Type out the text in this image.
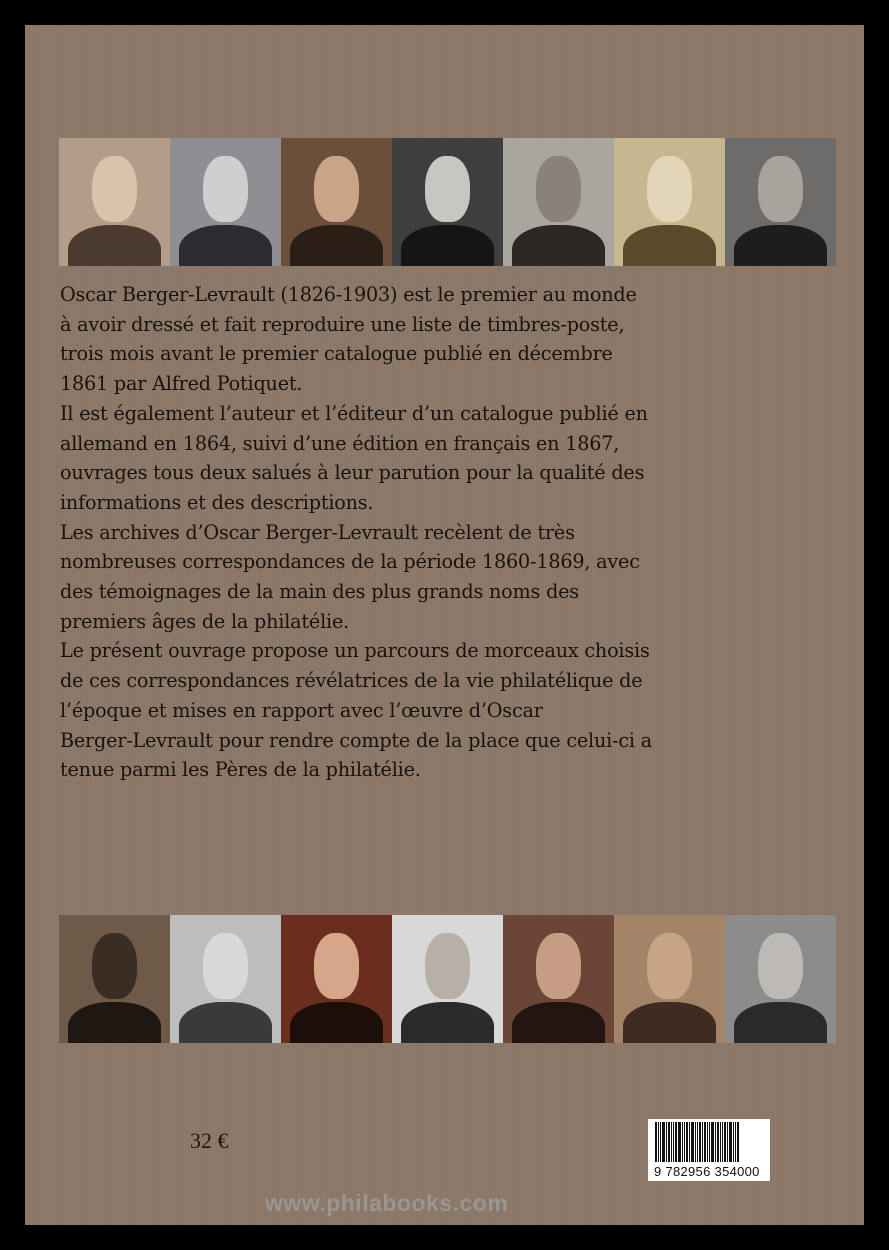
Oscar Berger-Levrault (1826-1903) est le premier au monde
à avoir dressé et fait reproduire une liste de timbres-poste,
trois mois avant le premier catalogue publié en décembre
1861 par Alfred Potiquet.
Il est également l’auteur et l’éditeur d’un catalogue publié en
allemand en 1864, suivi d’une édition en français en 1867,
ouvrages tous deux salués à leur parution pour la qualité des
informations et des descriptions.
Les archives d’Oscar Berger-Levrault recèlent de très
nombreuses correspondances de la période 1860-1869, avec
des témoignages de la main des plus grands noms des
premiers âges de la philatélie.
Le présent ouvrage propose un parcours de morceaux choisis
de ces correspondances révélatrices de la vie philatélique de
l’époque et mises en rapport avec l’œuvre d’Oscar
Berger-Levrault pour rendre compte de la place que celui-ci a
tenue parmi les Pères de la philatélie.
32 €
9 782956 354000
www.philabooks.com
